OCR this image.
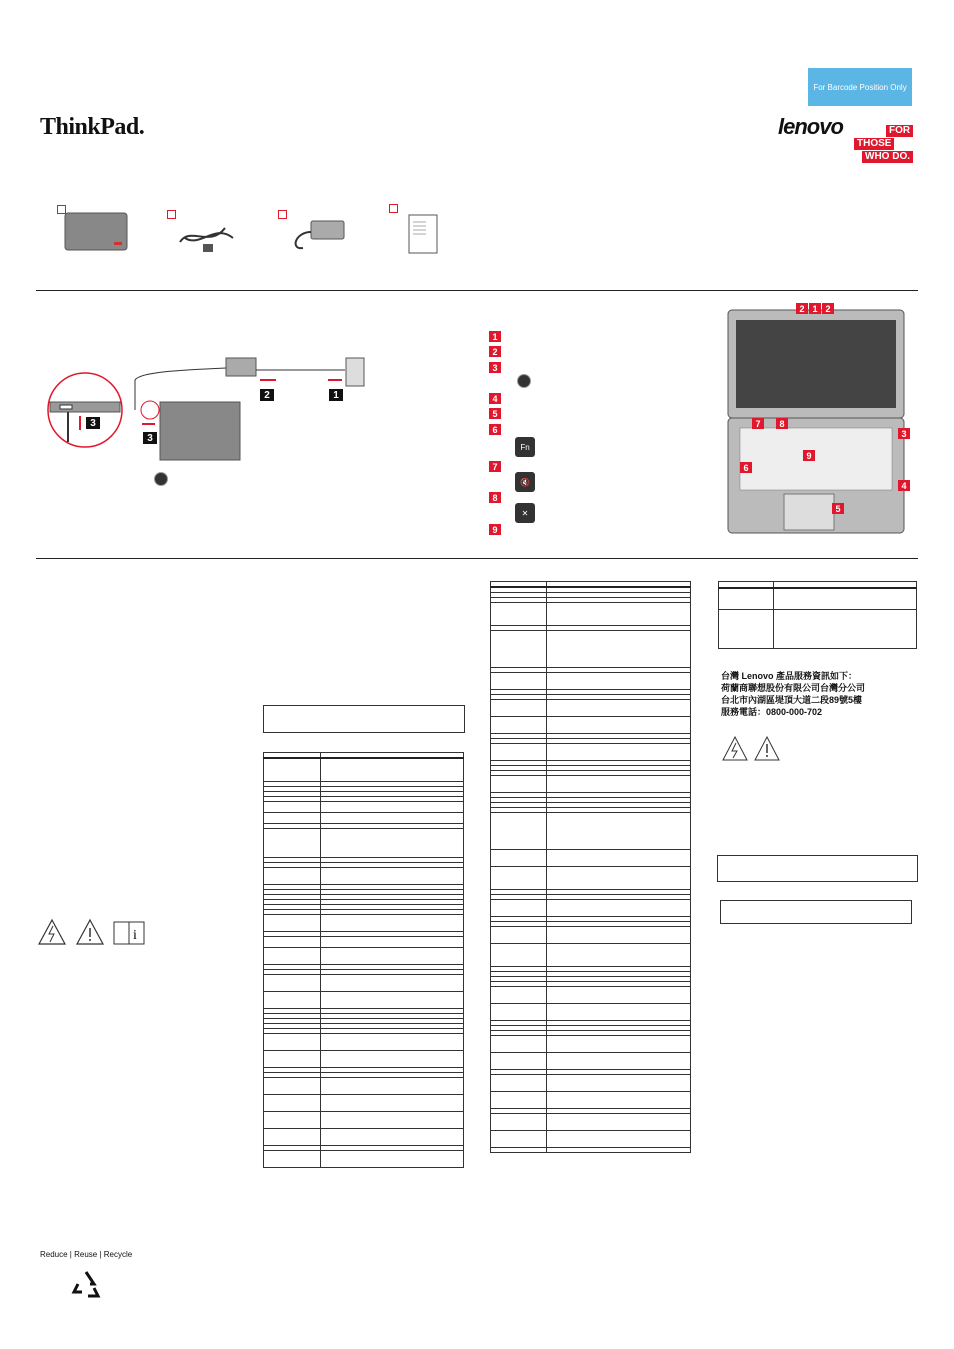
ThinkPad.
For Barcode Position Only
lenovo	FOR
THOSE
WHO DO.
2	1
3
3
1
2
3
4
5
6
Fn
7
🔇
8
✕
9
2 1 2
7	8
3
9
6
4
5
i

台灣 Lenovo 產品服務資訊如下：
荷蘭商聯想股份有限公司台灣分公司
台北市內湖區堤頂大道二段89號5樓
服務電話：0800-000-702
Reduce | Reuse | Recycle
